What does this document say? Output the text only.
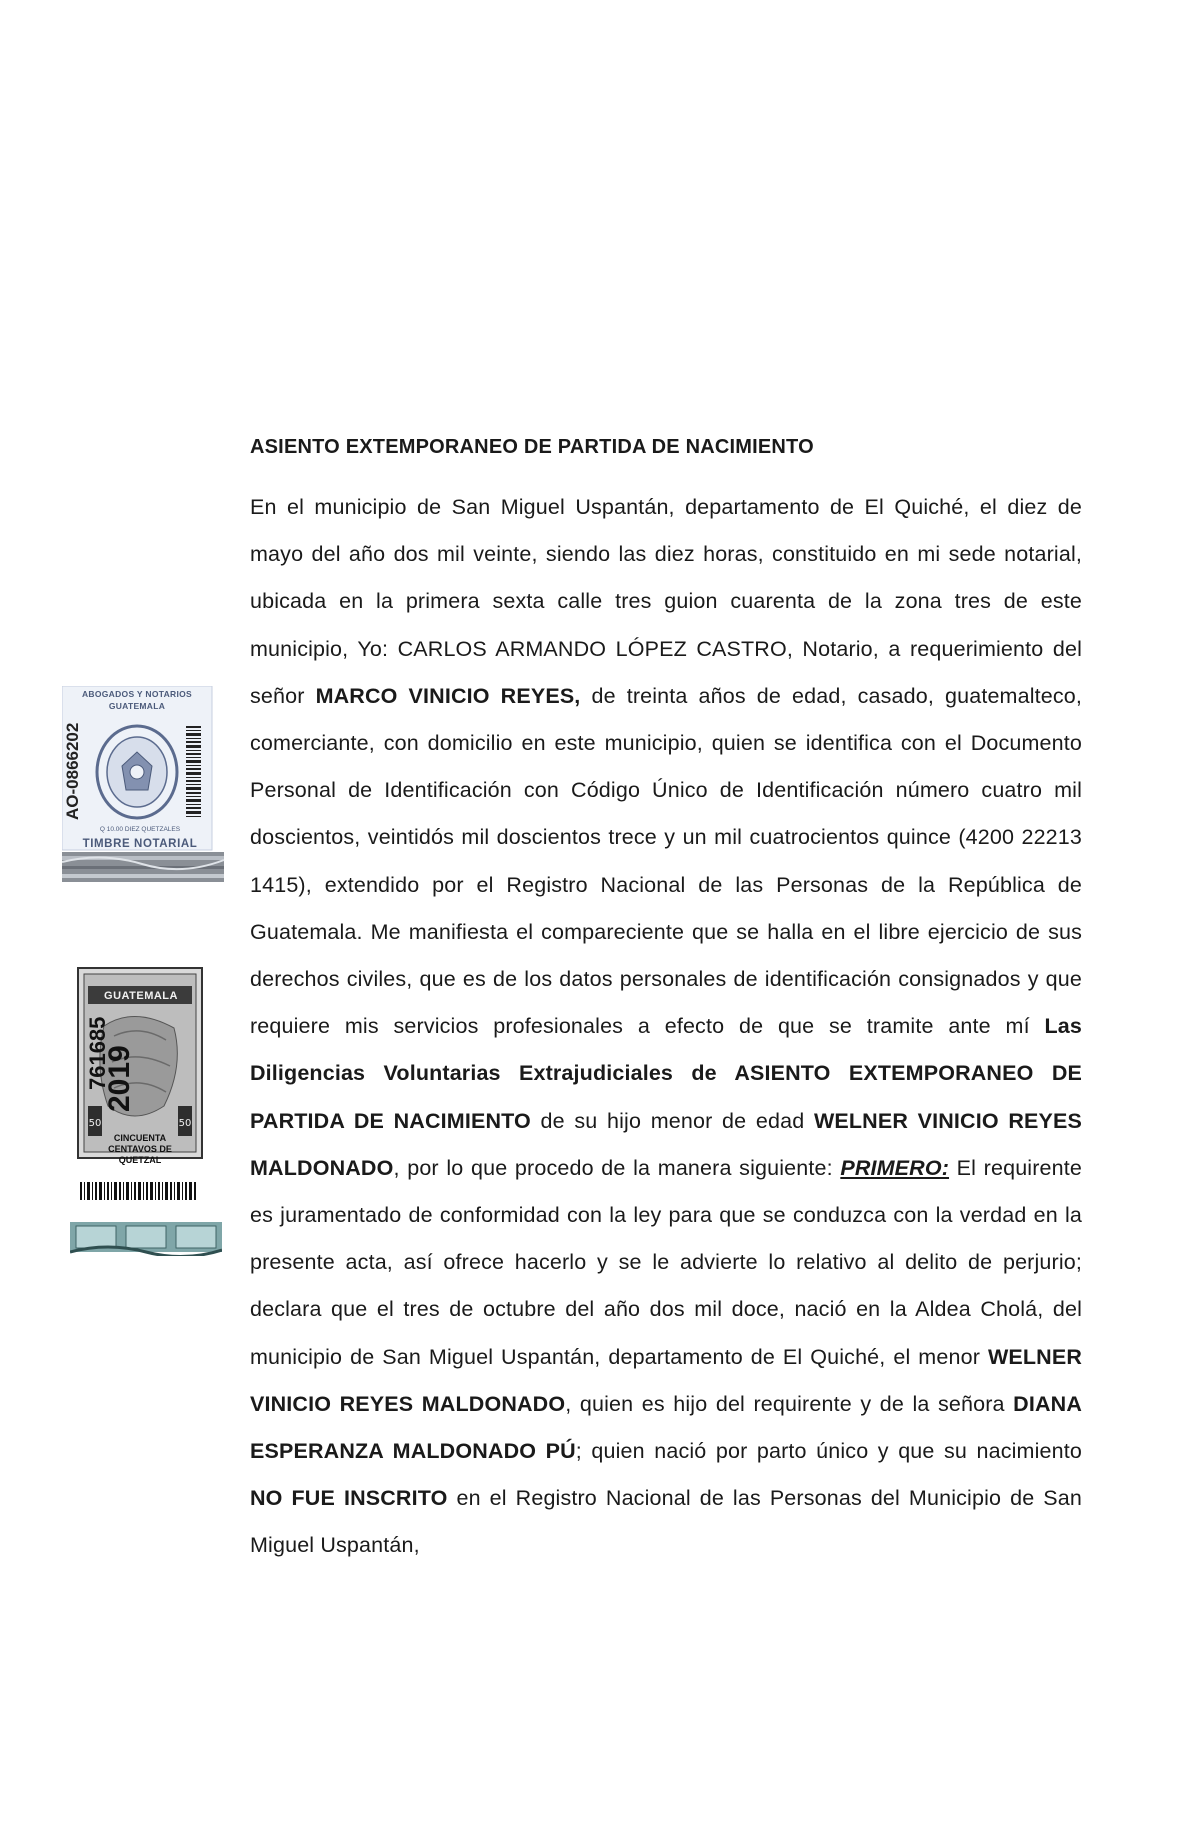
ASIENTO EXTEMPORANEO DE PARTIDA DE NACIMIENTO

En el municipio de San Miguel Uspantán, departamento de El Quiché, el diez de mayo del año dos mil veinte, siendo las diez horas, constituido en mi sede notarial, ubicada en la primera sexta calle tres guion cuarenta de la zona tres de este municipio, Yo: CARLOS ARMANDO LÓPEZ CASTRO, Notario, a requerimiento del señor MARCO VINICIO REYES, de treinta años de edad, casado, guatemalteco, comerciante, con domicilio en este municipio, quien se identifica con el Documento Personal de Identificación con Código Único de Identificación número cuatro mil doscientos, veintidós mil doscientos trece y un mil cuatrocientos quince (4200 22213 1415), extendido por el Registro Nacional de las Personas de la República de Guatemala. Me manifiesta el compareciente que se halla en el libre ejercicio de sus derechos civiles, que es de los datos personales de identificación consignados y que requiere mis servicios profesionales a efecto de que se tramite ante mí Las Diligencias Voluntarias Extrajudiciales de ASIENTO EXTEMPORANEO DE PARTIDA DE NACIMIENTO de su hijo menor de edad WELNER VINICIO REYES MALDONADO, por lo que procedo de la manera siguiente: PRIMERO: El requirente es juramentado de conformidad con la ley para que se conduzca con la verdad en la presente acta, así ofrece hacerlo y se le advierte lo relativo al delito de perjurio; declara que el tres de octubre del año dos mil doce, nació en la Aldea Cholá, del municipio de San Miguel Uspantán, departamento de El Quiché, el menor WELNER VINICIO REYES MALDONADO, quien es hijo del requirente y de la señora DIANA ESPERANZA MALDONADO PÚ; quien nació por parto único y que su nacimiento NO FUE INSCRITO en el Registro Nacional de las Personas del Municipio de San Miguel Uspantán,

ABOGADOS Y NOTARIOS
GUATEMALA
AO-0866202
Q 10.00 DIEZ QUETZALES
TIMBRE NOTARIAL
50	50
GUATEMALA
761685
2019
CINCUENTA
CENTAVOS DE QUETZAL
